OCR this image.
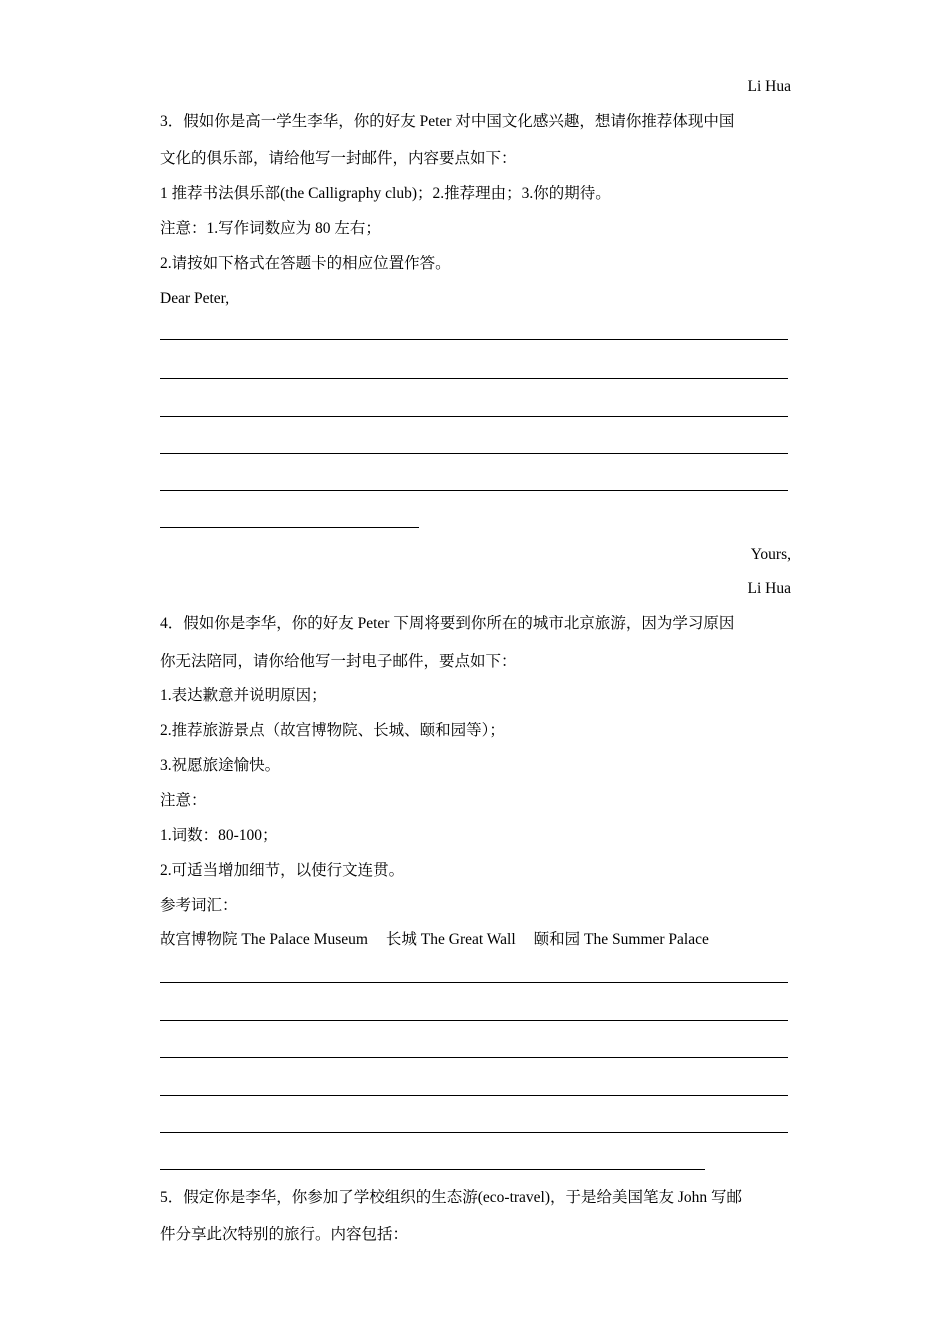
Li Hua
3．假如你是高一学生李华，你的好友 Peter 对中国文化感兴趣，想请你推荐体现中国
文化的俱乐部，请给他写一封邮件，内容要点如下：
1 推荐书法俱乐部(the Calligraphy club)；2.推荐理由；3.你的期待。
注意：1.写作词数应为 80 左右；
2.请按如下格式在答题卡的相应位置作答。
Dear Peter,
Yours,
Li Hua
4．假如你是李华，你的好友 Peter 下周将要到你所在的城市北京旅游，因为学习原因
你无法陪同，请你给他写一封电子邮件，要点如下：
1.表达歉意并说明原因；
2.推荐旅游景点（故宫博物院、长城、颐和园等）；
3.祝愿旅途愉快。
注意：
1.词数：80-100；
2.可适当增加细节，以使行文连贯。
参考词汇：
故宫博物院 The Palace Museum 长城 The Great Wall 颐和园 The Summer Palace
5．假定你是李华，你参加了学校组织的生态游(eco-travel)，于是给美国笔友 John 写邮
件分享此次特别的旅行。内容包括：
